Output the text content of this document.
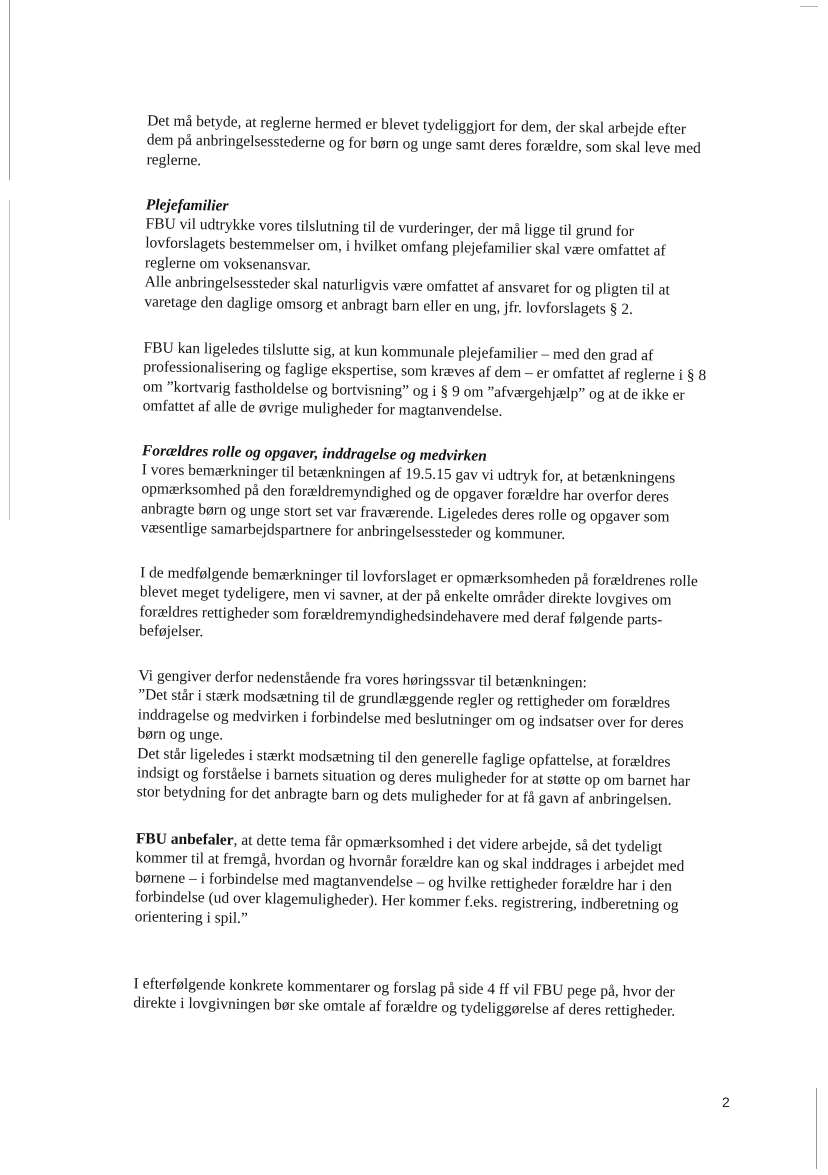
Det må betyde, at reglerne hermed er blevet tydeliggjort for dem, der skal arbejde efter
dem på anbringelsesstederne og for børn og unge samt deres forældre, som skal leve med
reglerne.

Plejefamilier

FBU vil udtrykke vores tilslutning til de vurderinger, der må ligge til grund for
lovforslagets bestemmelser om, i hvilket omfang plejefamilier skal være omfattet af
reglerne om voksenansvar.
Alle anbringelsessteder skal naturligvis være omfattet af ansvaret for og pligten til at
varetage den daglige omsorg et anbragt barn eller en ung, jfr. lovforslagets § 2.

FBU kan ligeledes tilslutte sig, at kun kommunale plejefamilier – med den grad af
professionalisering og faglige ekspertise, som kræves af dem – er omfattet af reglerne i § 8
om ”kortvarig fastholdelse og bortvisning” og i § 9 om ”afværgehjælp” og at de ikke er
omfattet af alle de øvrige muligheder for magtanvendelse.

Forældres rolle og opgaver, inddragelse og medvirken

I vores bemærkninger til betænkningen af 19.5.15 gav vi udtryk for, at betænkningens
opmærksomhed på den forældremyndighed og de opgaver forældre har overfor deres
anbragte børn og unge stort set var fraværende. Ligeledes deres rolle og opgaver som
væsentlige samarbejdspartnere for anbringelsessteder og kommuner.

I de medfølgende bemærkninger til lovforslaget er opmærksomheden på forældrenes rolle
blevet meget tydeligere, men vi savner, at der på enkelte områder direkte lovgives om
forældres rettigheder som forældremyndighedsindehavere med deraf følgende parts-
beføjelser.

Vi gengiver derfor nedenstående fra vores høringssvar til betænkningen:
”Det står i stærk modsætning til de grundlæggende regler og rettigheder om forældres
inddragelse og medvirken i forbindelse med beslutninger om og indsatser over for deres
børn og unge.
Det står ligeledes i stærkt modsætning til den generelle faglige opfattelse, at forældres
indsigt og forståelse i barnets situation og deres muligheder for at støtte op om barnet har
stor betydning for det anbragte barn og dets muligheder for at få gavn af anbringelsen.

FBU anbefaler, at dette tema får opmærksomhed i det videre arbejde, så det tydeligt
kommer til at fremgå, hvordan og hvornår forældre kan og skal inddrages i arbejdet med
børnene – i forbindelse med magtanvendelse – og hvilke rettigheder forældre har i den
forbindelse (ud over klagemuligheder). Her kommer f.eks. registrering, indberetning og
orientering i spil.”

I efterfølgende konkrete kommentarer og forslag på side 4 ff vil FBU pege på, hvor der
direkte i lovgivningen bør ske omtale af forældre og tydeliggørelse af deres rettigheder.

2
